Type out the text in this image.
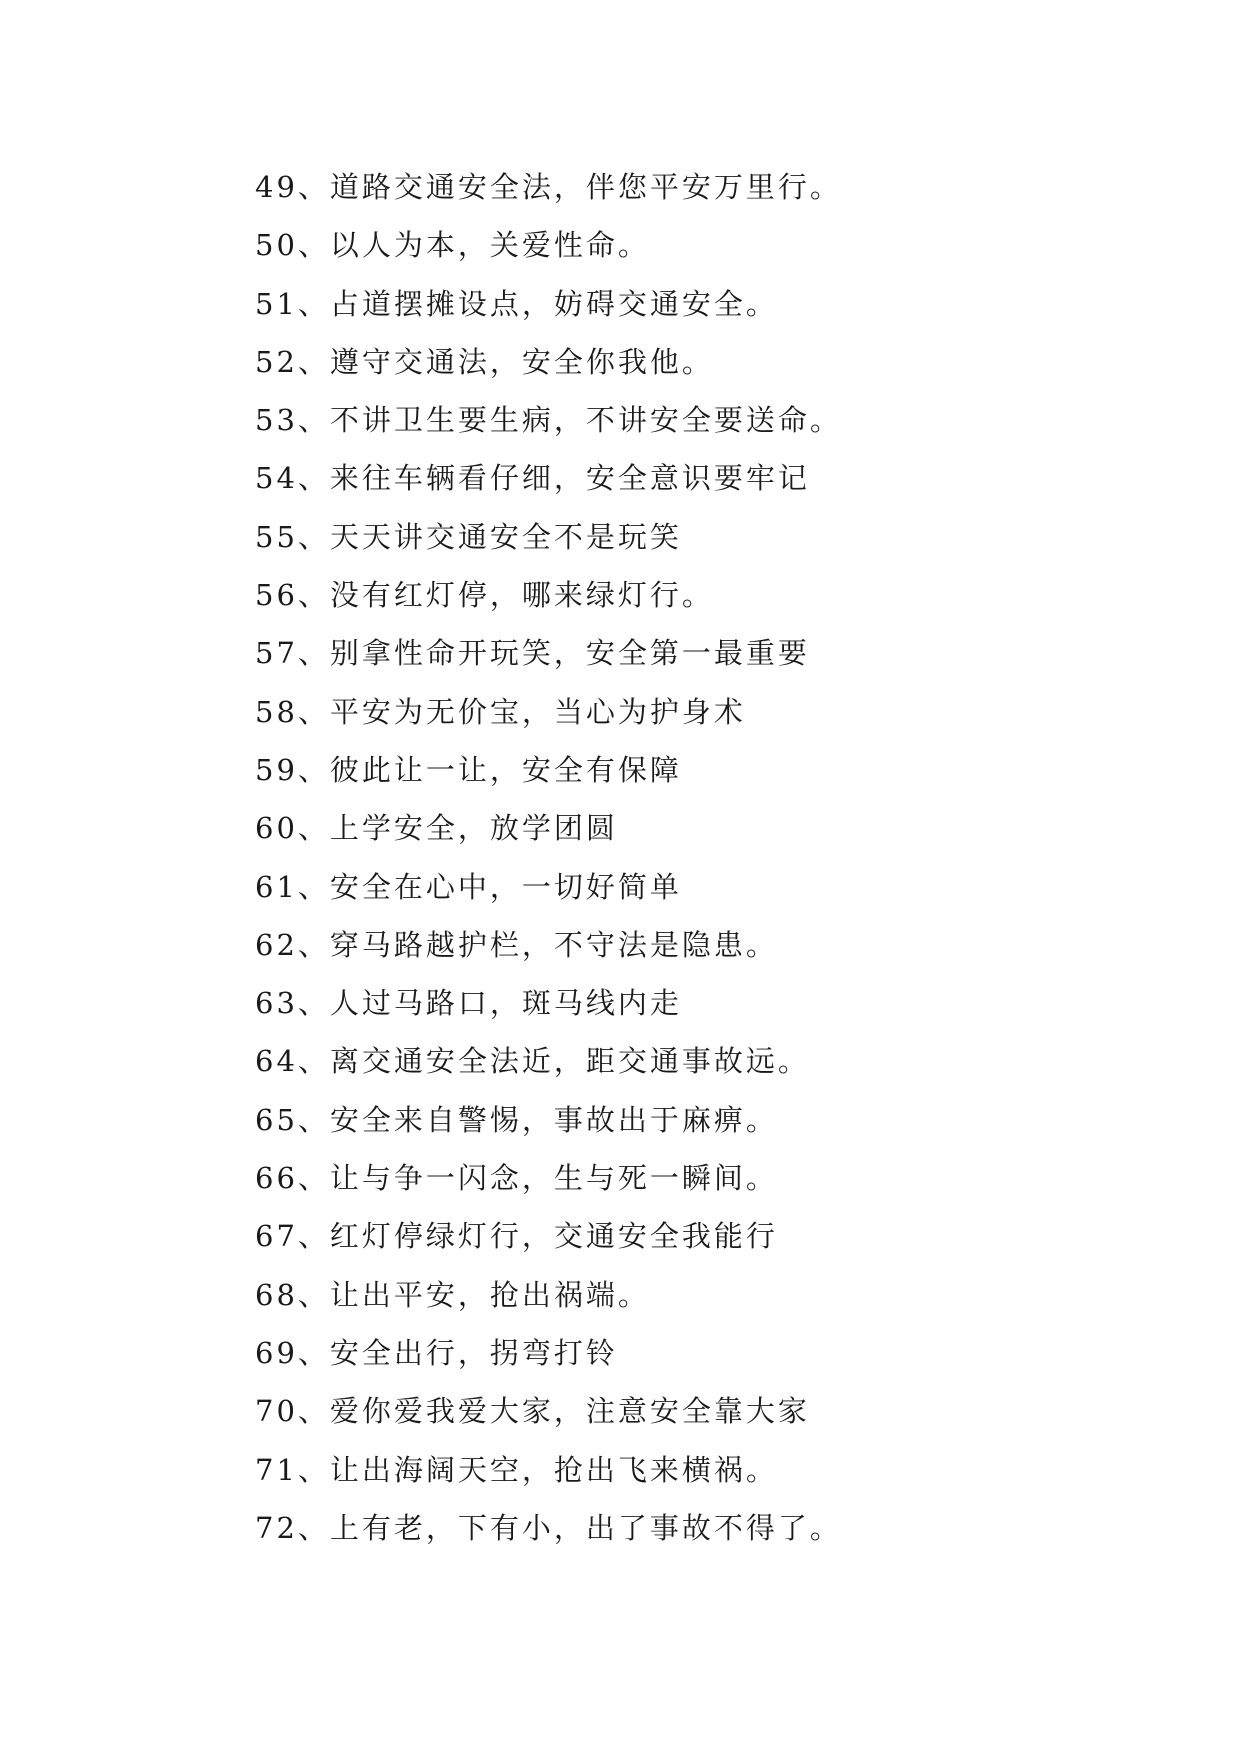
49、道路交通安全法，伴您平安万里行。
50、以人为本，关爱性命。
51、占道摆摊设点，妨碍交通安全。
52、遵守交通法，安全你我他。
53、不讲卫生要生病，不讲安全要送命。
54、来往车辆看仔细，安全意识要牢记
55、天天讲交通安全不是玩笑
56、没有红灯停，哪来绿灯行。
57、别拿性命开玩笑，安全第一最重要
58、平安为无价宝，当心为护身术
59、彼此让一让，安全有保障
60、上学安全，放学团圆
61、安全在心中，一切好简单
62、穿马路越护栏，不守法是隐患。
63、人过马路口，斑马线内走
64、离交通安全法近，距交通事故远。
65、安全来自警惕，事故出于麻痹。
66、让与争一闪念，生与死一瞬间。
67、红灯停绿灯行，交通安全我能行
68、让出平安，抢出祸端。
69、安全出行，拐弯打铃
70、爱你爱我爱大家，注意安全靠大家
71、让出海阔天空，抢出飞来横祸。
72、上有老，下有小，出了事故不得了。
